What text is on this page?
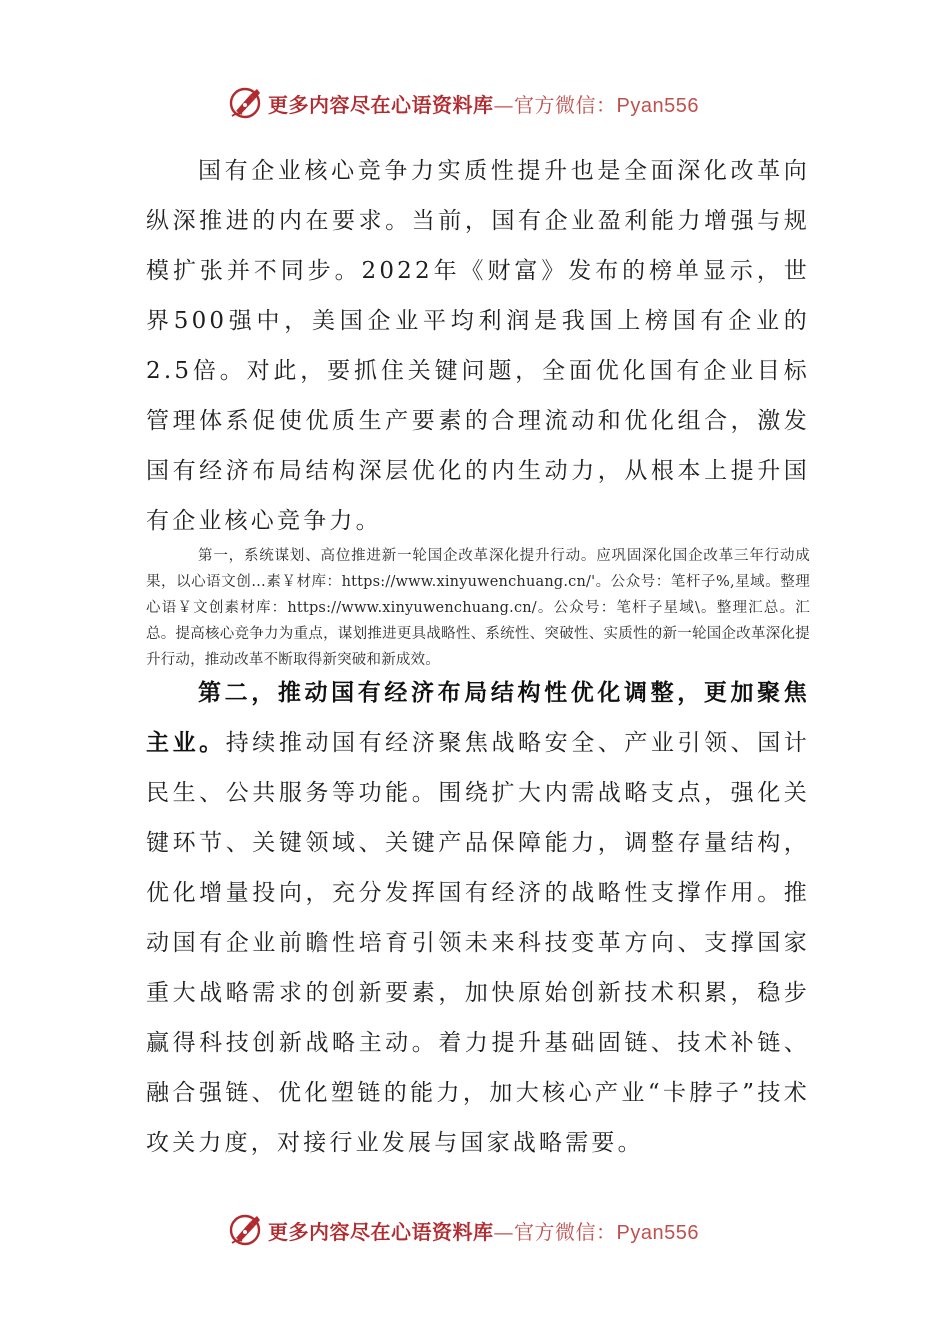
更多内容尽在心语资料库—官方微信：Pyan556

国有企业核心竞争力实质性提升也是全面深化改革向纵深推进的内在要求。当前，国有企业盈利能力增强与规模扩张并不同步。2022年《财富》发布的榜单显示，世界500强中，美国企业平均利润是我国上榜国有企业的2.5倍。对此，要抓住关键问题，全面优化国有企业目标管理体系促使优质生产要素的合理流动和优化组合，激发国有经济布局结构深层优化的内生动力，从根本上提升国有企业核心竞争力。

第一，系统谋划、高位推进新一轮国企改革深化提升行动。应巩固深化国企改革三年行动成果，以心语文创…素￥材库：https://www.xinyuwenchuang.cn/'。公众号：笔杆子%,星域。整理心语￥文创素材库：https://www.xinyuwenchuang.cn/。公众号：笔杆子星域\。整理汇总。汇总。提高核心竞争力为重点，谋划推进更具战略性、系统性、突破性、实质性的新一轮国企改革深化提升行动，推动改革不断取得新突破和新成效。

第二，推动国有经济布局结构性优化调整，更加聚焦主业。持续推动国有经济聚焦战略安全、产业引领、国计民生、公共服务等功能。围绕扩大内需战略支点，强化关键环节、关键领域、关键产品保障能力，调整存量结构，优化增量投向，充分发挥国有经济的战略性支撑作用。推动国有企业前瞻性培育引领未来科技变革方向、支撑国家重大战略需求的创新要素，加快原始创新技术积累，稳步赢得科技创新战略主动。着力提升基础固链、技术补链、融合强链、优化塑链的能力，加大核心产业“卡脖子”技术攻关力度，对接行业发展与国家战略需要。

更多内容尽在心语资料库—官方微信：Pyan556
